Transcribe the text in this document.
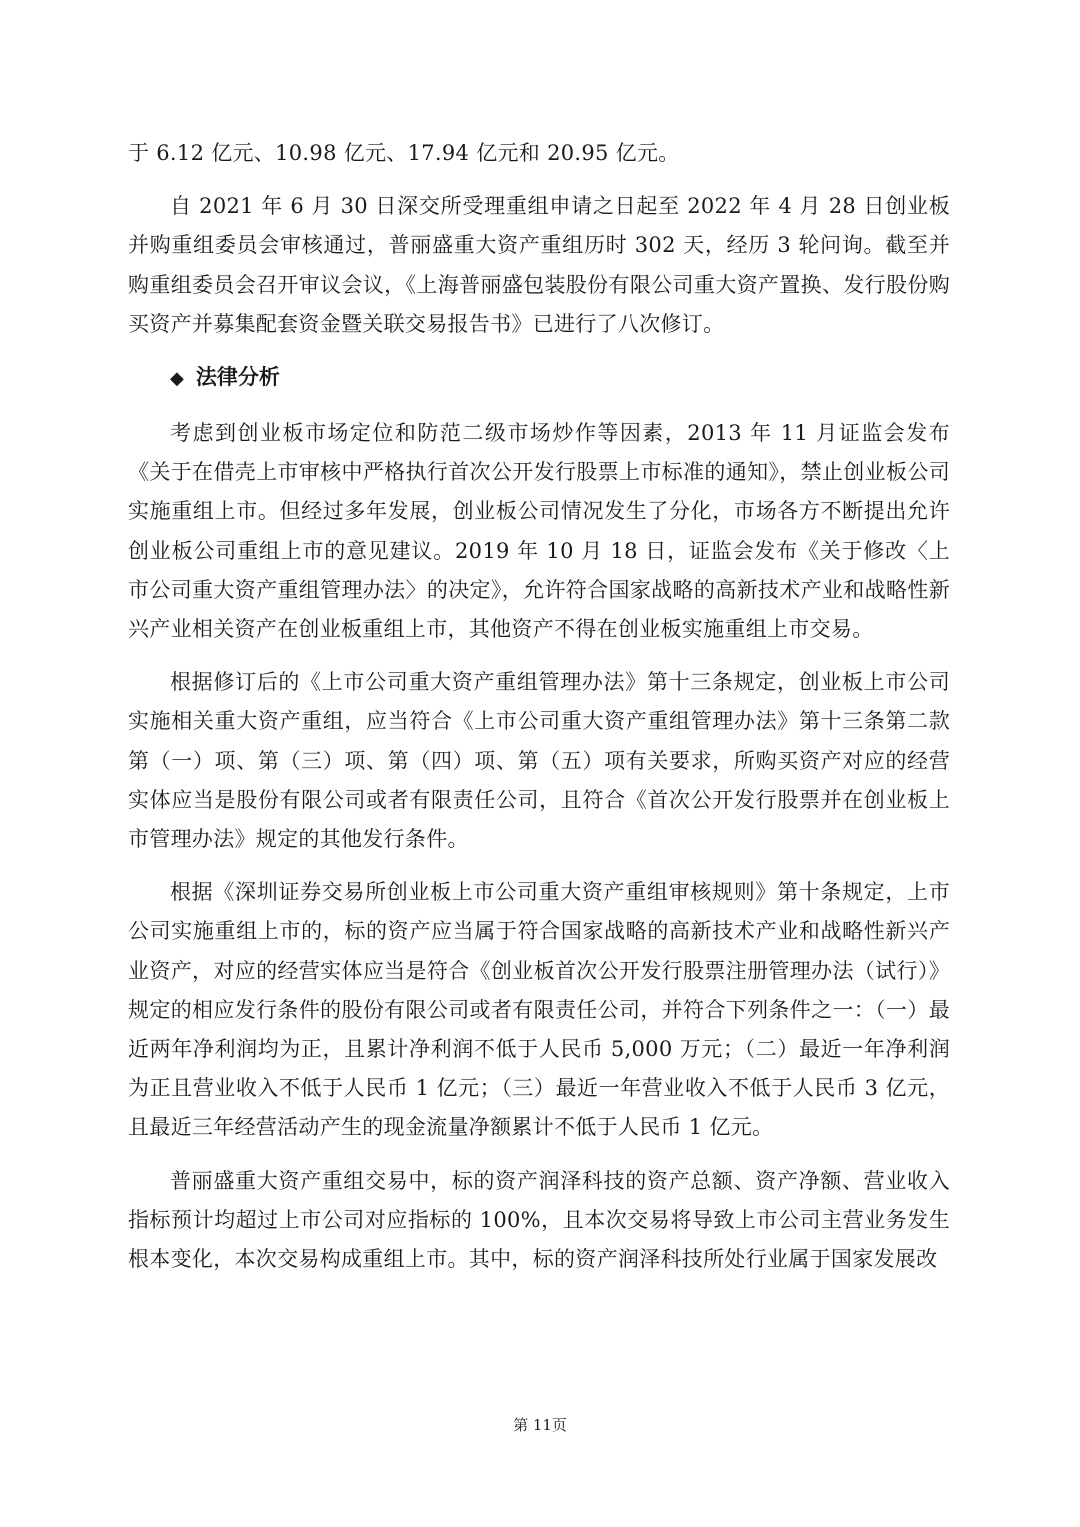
于 6.12 亿元、10.98 亿元、17.94 亿元和 20.95 亿元。

自 2021 年 6 月 30 日深交所受理重组申请之日起至 2022 年 4 月 28 日创业板并购重组委员会审核通过，普丽盛重大资产重组历时 302 天，经历 3 轮问询。截至并购重组委员会召开审议会议，《上海普丽盛包装股份有限公司重大资产置换、发行股份购买资产并募集配套资金暨关联交易报告书》已进行了八次修订。

◆ 法律分析

考虑到创业板市场定位和防范二级市场炒作等因素，2013 年 11 月证监会发布《关于在借壳上市审核中严格执行首次公开发行股票上市标准的通知》，禁止创业板公司实施重组上市。但经过多年发展，创业板公司情况发生了分化，市场各方不断提出允许创业板公司重组上市的意见建议。2019 年 10 月 18 日，证监会发布《关于修改〈上市公司重大资产重组管理办法〉的决定》，允许符合国家战略的高新技术产业和战略性新兴产业相关资产在创业板重组上市，其他资产不得在创业板实施重组上市交易。

根据修订后的《上市公司重大资产重组管理办法》第十三条规定，创业板上市公司实施相关重大资产重组，应当符合《上市公司重大资产重组管理办法》第十三条第二款第（一）项、第（三）项、第（四）项、第（五）项有关要求，所购买资产对应的经营实体应当是股份有限公司或者有限责任公司，且符合《首次公开发行股票并在创业板上市管理办法》规定的其他发行条件。

根据《深圳证券交易所创业板上市公司重大资产重组审核规则》第十条规定，上市公司实施重组上市的，标的资产应当属于符合国家战略的高新技术产业和战略性新兴产业资产，对应的经营实体应当是符合《创业板首次公开发行股票注册管理办法（试行）》规定的相应发行条件的股份有限公司或者有限责任公司，并符合下列条件之一：（一）最近两年净利润均为正，且累计净利润不低于人民币 5,000 万元；（二）最近一年净利润为正且营业收入不低于人民币 1 亿元；（三）最近一年营业收入不低于人民币 3 亿元，且最近三年经营活动产生的现金流量净额累计不低于人民币 1 亿元。

普丽盛重大资产重组交易中，标的资产润泽科技的资产总额、资产净额、营业收入指标预计均超过上市公司对应指标的 100%，且本次交易将导致上市公司主营业务发生根本变化，本次交易构成重组上市。其中，标的资产润泽科技所处行业属于国家发展改

第 11页
